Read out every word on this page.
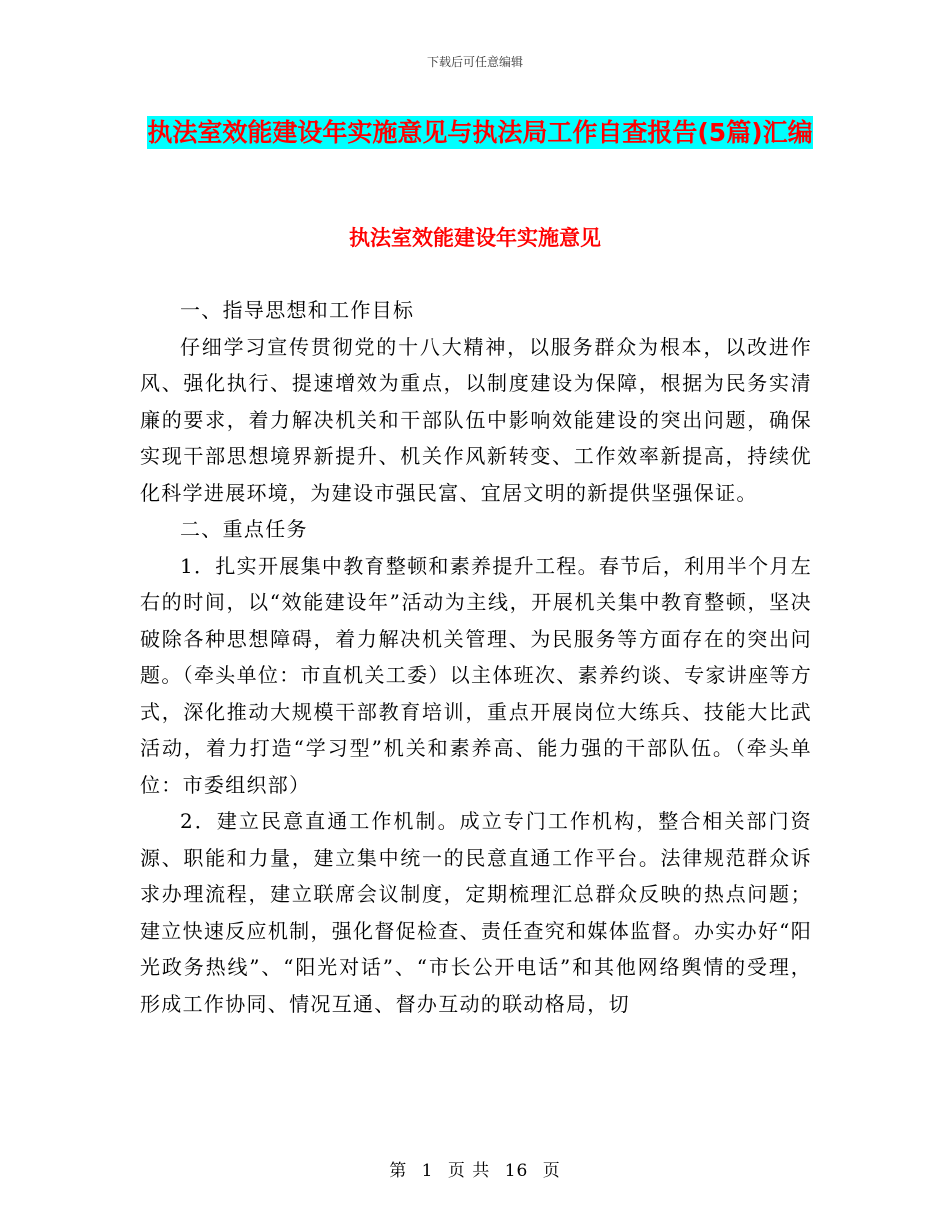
下载后可任意编辑
执法室效能建设年实施意见与执法局工作自查报告(5篇)汇编
执法室效能建设年实施意见

一、指导思想和工作目标

仔细学习宣传贯彻党的十八大精神，以服务群众为根本，以改进作风、强化执行、提速增效为重点，以制度建设为保障，根据为民务实清廉的要求，着力解决机关和干部队伍中影响效能建设的突出问题，确保实现干部思想境界新提升、机关作风新转变、工作效率新提高，持续优化科学进展环境，为建设市强民富、宜居文明的新提供坚强保证。

二、重点任务

1．扎实开展集中教育整顿和素养提升工程。春节后，利用半个月左右的时间，以“效能建设年”活动为主线，开展机关集中教育整顿，坚决破除各种思想障碍，着力解决机关管理、为民服务等方面存在的突出问题。（牵头单位：市直机关工委）以主体班次、素养约谈、专家讲座等方式，深化推动大规模干部教育培训，重点开展岗位大练兵、技能大比武活动，着力打造“学习型”机关和素养高、能力强的干部队伍。（牵头单位：市委组织部）

2．建立民意直通工作机制。成立专门工作机构，整合相关部门资源、职能和力量，建立集中统一的民意直通工作平台。法律规范群众诉求办理流程，建立联席会议制度，定期梳理汇总群众反映的热点问题；建立快速反应机制，强化督促检查、责任查究和媒体监督。办实办好“阳光政务热线”、“阳光对话”、“市长公开电话”和其他网络舆情的受理，形成工作协同、情况互通、督办互动的联动格局，切

第 1 页 共 16 页
